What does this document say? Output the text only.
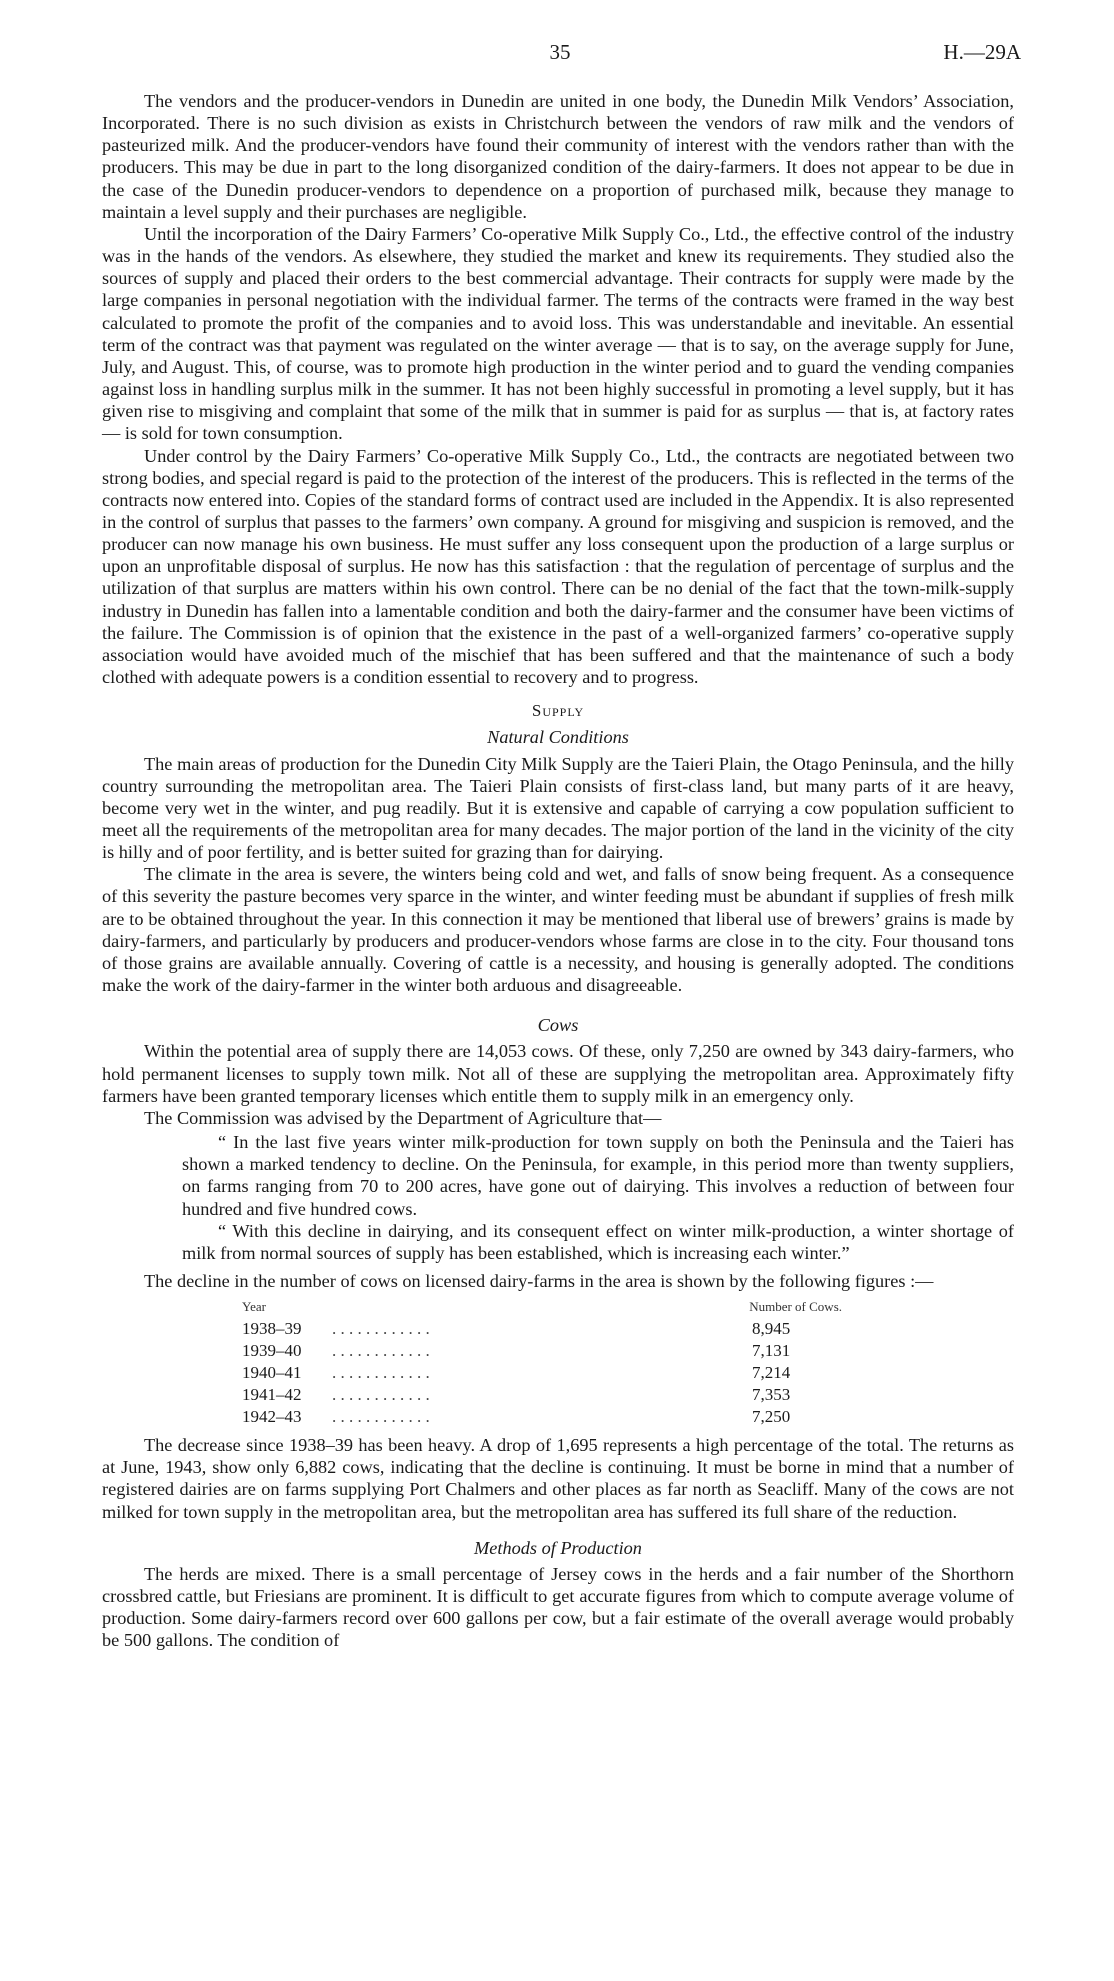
35	H.—29A

The vendors and the producer-vendors in Dunedin are united in one body, the Dunedin Milk Vendors’ Association, Incorporated. There is no such division as exists in Christchurch between the vendors of raw milk and the vendors of pasteurized milk. And the producer-vendors have found their community of interest with the vendors rather than with the producers. This may be due in part to the long disorganized condition of the dairy-farmers. It does not appear to be due in the case of the Dunedin producer-vendors to dependence on a proportion of purchased milk, because they manage to maintain a level supply and their purchases are negligible.

Until the incorporation of the Dairy Farmers’ Co-operative Milk Supply Co., Ltd., the effective control of the industry was in the hands of the vendors. As elsewhere, they studied the market and knew its requirements. They studied also the sources of supply and placed their orders to the best commercial advantage. Their contracts for supply were made by the large companies in personal negotiation with the individual farmer. The terms of the contracts were framed in the way best calculated to promote the profit of the companies and to avoid loss. This was understandable and inevitable. An essential term of the contract was that payment was regulated on the winter average — that is to say, on the average supply for June, July, and August. This, of course, was to promote high production in the winter period and to guard the vending companies against loss in handling surplus milk in the summer. It has not been highly successful in promoting a level supply, but it has given rise to misgiving and complaint that some of the milk that in summer is paid for as surplus — that is, at factory rates — is sold for town consumption.

Under control by the Dairy Farmers’ Co-operative Milk Supply Co., Ltd., the contracts are negotiated between two strong bodies, and special regard is paid to the protection of the interest of the producers. This is reflected in the terms of the contracts now entered into. Copies of the standard forms of contract used are included in the Appendix. It is also represented in the control of surplus that passes to the farmers’ own company. A ground for misgiving and suspicion is removed, and the producer can now manage his own business. He must suffer any loss consequent upon the production of a large surplus or upon an unprofitable disposal of surplus. He now has this satisfaction : that the regulation of percentage of surplus and the utilization of that surplus are matters within his own control. There can be no denial of the fact that the town-milk-supply industry in Dunedin has fallen into a lamentable condition and both the dairy-farmer and the consumer have been victims of the failure. The Commission is of opinion that the existence in the past of a well-organized farmers’ co-operative supply association would have avoided much of the mischief that has been suffered and that the maintenance of such a body clothed with adequate powers is a condition essential to recovery and to progress.

Supply
Natural Conditions

The main areas of production for the Dunedin City Milk Supply are the Taieri Plain, the Otago Peninsula, and the hilly country surrounding the metropolitan area. The Taieri Plain consists of first-class land, but many parts of it are heavy, become very wet in the winter, and pug readily. But it is extensive and capable of carrying a cow population sufficient to meet all the requirements of the metropolitan area for many decades. The major portion of the land in the vicinity of the city is hilly and of poor fertility, and is better suited for grazing than for dairying.

The climate in the area is severe, the winters being cold and wet, and falls of snow being frequent. As a consequence of this severity the pasture becomes very sparce in the winter, and winter feeding must be abundant if supplies of fresh milk are to be obtained throughout the year. In this connection it may be mentioned that liberal use of brewers’ grains is made by dairy-farmers, and particularly by producers and producer-vendors whose farms are close in to the city. Four thousand tons of those grains are available annually. Covering of cattle is a necessity, and housing is generally adopted. The conditions make the work of the dairy-farmer in the winter both arduous and disagreeable.

Cows

Within the potential area of supply there are 14,053 cows. Of these, only 7,250 are owned by 343 dairy-farmers, who hold permanent licenses to supply town milk. Not all of these are supplying the metropolitan area. Approximately fifty farmers have been granted temporary licenses which entitle them to supply milk in an emergency only.

The Commission was advised by the Department of Agriculture that—

“ In the last five years winter milk-production for town supply on both the Peninsula and the Taieri has shown a marked tendency to decline. On the Peninsula, for example, in this period more than twenty suppliers, on farms ranging from 70 to 200 acres, have gone out of dairying. This involves a reduction of between four hundred and five hundred cows.

“ With this decline in dairying, and its consequent effect on winter milk-production, a winter shortage of milk from normal sources of supply has been established, which is increasing each winter.”

The decline in the number of cows on licensed dairy-farms in the area is shown by the following figures :—

Year	Number of Cows.
1938–39	. . . . . . . . . . . .	8,945
1939–40	. . . . . . . . . . . .	7,131
1940–41	. . . . . . . . . . . .	7,214
1941–42	. . . . . . . . . . . .	7,353
1942–43	. . . . . . . . . . . .	7,250

The decrease since 1938–39 has been heavy. A drop of 1,695 represents a high percentage of the total. The returns as at June, 1943, show only 6,882 cows, indicating that the decline is continuing. It must be borne in mind that a number of registered dairies are on farms supplying Port Chalmers and other places as far north as Seacliff. Many of the cows are not milked for town supply in the metropolitan area, but the metropolitan area has suffered its full share of the reduction.

Methods of Production

The herds are mixed. There is a small percentage of Jersey cows in the herds and a fair number of the Shorthorn crossbred cattle, but Friesians are prominent. It is difficult to get accurate figures from which to compute average volume of production. Some dairy-farmers record over 600 gallons per cow, but a fair estimate of the overall average would probably be 500 gallons. The condition of
